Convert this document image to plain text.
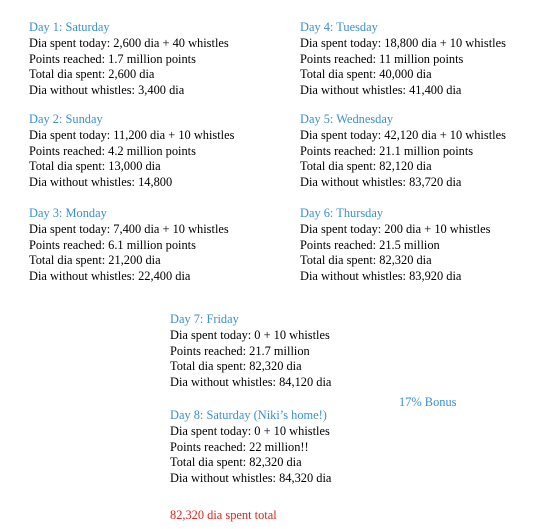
Day 1: Saturday
Dia spent today: 2,600 dia + 40 whistles
Points reached: 1.7 million points
Total dia spent: 2,600 dia
Dia without whistles: 3,400 dia
Day 2: Sunday
Dia spent today: 11,200 dia + 10 whistles
Points reached: 4.2 million points
Total dia spent: 13,000 dia
Dia without whistles: 14,800
Day 3: Monday
Dia spent today: 7,400 dia + 10 whistles
Points reached: 6.1 million points
Total dia spent: 21,200 dia
Dia without whistles: 22,400 dia
Day 4: Tuesday
Dia spent today: 18,800 dia + 10 whistles
Points reached: 11 million points
Total dia spent: 40,000 dia
Dia without whistles: 41,400 dia
Day 5: Wednesday
Dia spent today: 42,120 dia + 10 whistles
Points reached: 21.1 million points
Total dia spent: 82,120 dia
Dia without whistles: 83,720 dia
Day 6: Thursday
Dia spent today: 200 dia + 10 whistles
Points reached: 21.5 million
Total dia spent: 82,320 dia
Dia without whistles: 83,920 dia
Day 7: Friday
Dia spent today: 0 + 10 whistles
Points reached: 21.7 million
Total dia spent: 82,320 dia
Dia without whistles: 84,120 dia
Day 8: Saturday (Niki’s home!)
Dia spent today: 0 + 10 whistles
Points reached: 22 million!!
Total dia spent: 82,320 dia
Dia without whistles: 84,320 dia
17% Bonus
82,320 dia spent total
